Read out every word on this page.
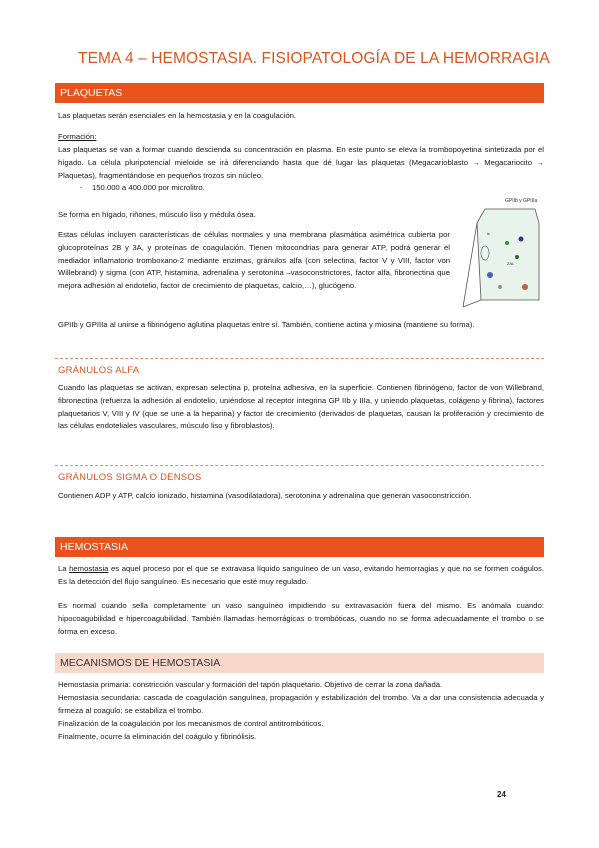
TEMA 4 – HEMOSTASIA. FISIOPATOLOGÍA DE LA HEMORRAGIA
PLAQUETAS

Las plaquetas serán esenciales en la hemostasia y en la coagulación.

Formación:

Las plaquetas se van a formar cuando descienda su concentración en plasma. En este punto se eleva la trombopoyetina sintetizada por el hígado. La célula pluripotencial mieloide se irá diferenciando hasta que dé lugar las plaquetas (Megacarioblasto → Megacariocito → Plaquetas), fragmentándose en pequeños trozos sin núcleo.

- 150.000 a 400.000 por microlitro.

Se forma en hígado, riñones, músculo liso y médula ósea.

Estas células incluyen características de células normales y una membrana plasmática asimétrica cubierta por glucoproteínas 2B y 3A, y proteínas de coagulación. Tienen mitocondrias para generar ATP, podrá generar el mediador inflamatorio tromboxano-2 mediante enzimas, gránulos alfa (con selectina, factor V y VIII, factor von Willebrand) y sigma (con ATP, histamina, adrenalina y serotonina –vasoconstrictores, factor alfa, fibronectina que mejora adhesión al endotelio, factor de crecimiento de plaquetas, calcio,…), glucógeno.

GPIIb y GPIIIa
ZAL
ls

GPIIb y GPIIIa al unirse a fibrinógeno aglutina plaquetas entre sí. También, contiene actina y miosina (mantiene su forma).

GRÁNULOS ALFA

Cuando las plaquetas se activan, expresan selectina p, proteína adhesiva, en la superficie. Contienen fibrinógeno, factor de von Willebrand, fibronectina (refuerza la adhesión al endotelio, uniéndose al receptor integrina GP IIb y IIIa, y uniendo plaquetas, colágeno y fibrina), factores plaquetarios V, VIII y IV (que se une a la heparina) y factor de crecimiento (derivados de plaquetas, causan la proliferación y crecimiento de las células endoteliales vasculares, músculo liso y fibroblastos).

GRÁNULOS SIGMA O DENSOS

Contienen ADP y ATP, calcio ionizado, histamina (vasodilatadora), serotonina y adrenalina que generan vasoconstricción.

HEMOSTASIA

La hemostasia es aquel proceso por el que se extravasa líquido sanguíneo de un vaso, evitando hemorragias y que no se formen coágulos. Es la detección del flujo sanguíneo. Es necesario que esté muy regulado.

Es normal cuando sella completamente un vaso sanguíneo impidiendo su extravasación fuera del mismo. Es anómala cuando: hipocoagubilidad e hipercoagubilidad. También llamadas hemorrágicas o trombóticas, cuando no se forma adecuadamente el trombo o se forma en exceso.

MECANISMOS DE HEMOSTASIA

Hemostasia primaria: constricción vascular y formación del tapón plaquetario. Objetivo de cerrar la zona dañada.

Hemostasia secundaria: cascada de coagulación sanguínea, propagación y estabilización del trombo. Va a dar una consistencia adecuada y firmeza al coagulo; se estabiliza el trombo.

Finalización de la coagulación por los mecanismos de control antitrombóticos.

Finalmente, ocurre la eliminación del coágulo y fibrinólisis.

24
